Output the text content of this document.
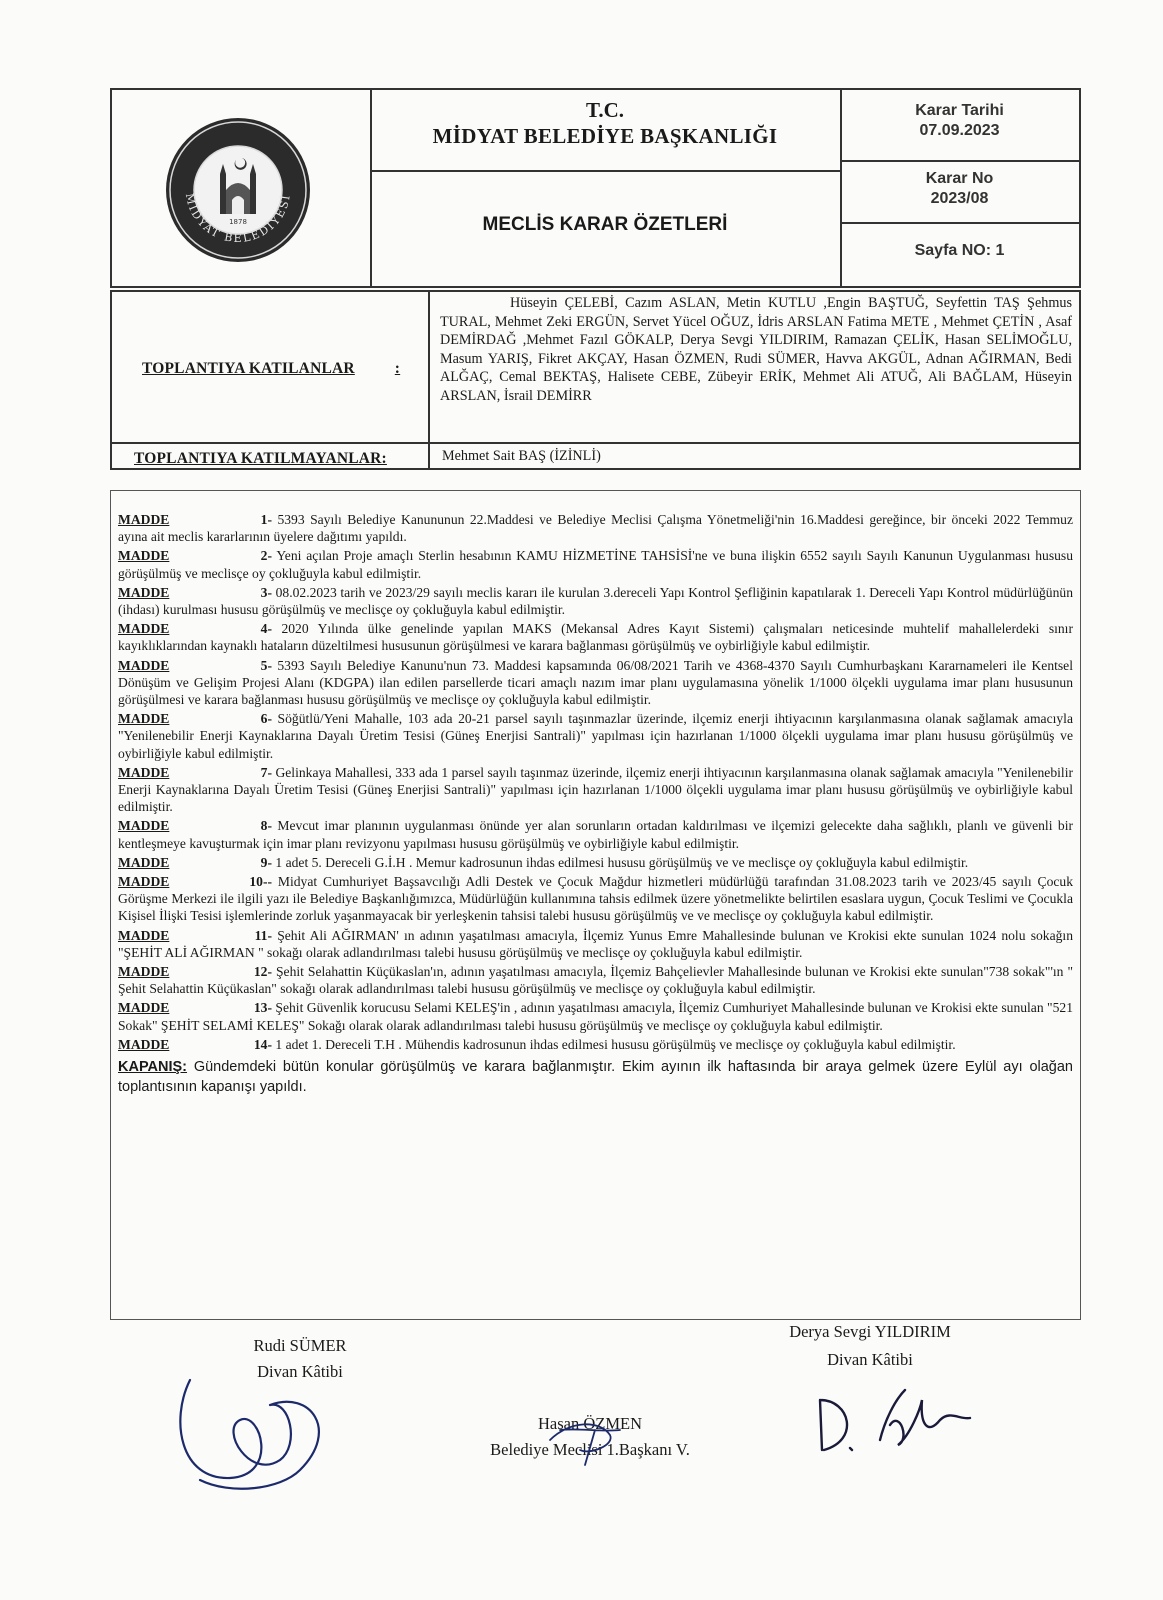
1878
MİDYAT BELEDİYESİ
T.C.
MİDYAT BELEDİYE BAŞKANLIĞI
MECLİS KARAR ÖZETLERİ
Karar Tarihi
07.09.2023
Karar No
2023/08
Sayfa NO: 1
TOPLANTIYA KATILANLAR	:
Hüseyin ÇELEBİ, Cazım ASLAN, Metin KUTLU ,Engin BAŞTUĞ, Seyfettin TAŞ Şehmus TURAL, Mehmet Zeki ERGÜN, Servet Yücel OĞUZ, İdris ARSLAN Fatima METE , Mehmet ÇETİN , Asaf DEMİRDAĞ ,Mehmet Fazıl GÖKALP, Derya Sevgi YILDIRIM, Ramazan ÇELİK, Hasan SELİMOĞLU, Masum YARIŞ, Fikret AKÇAY, Hasan ÖZMEN, Rudi SÜMER, Havva AKGÜL, Adnan AĞIRMAN, Bedi ALĞAÇ, Cemal BEKTAŞ, Halisete CEBE, Zübeyir ERİK, Mehmet Ali ATUĞ, Ali BAĞLAM, Hüseyin ARSLAN, İsrail DEMİRR
TOPLANTIYA KATILMAYANLAR:	Mehmet Sait BAŞ (İZİNLİ)
MADDE	1- 5393 Sayılı Belediye Kanununun 22.Maddesi ve Belediye Meclisi Çalışma Yönetmeliği'nin 16.Maddesi gereğince, bir önceki 2022 Temmuz ayına ait meclis kararlarının üyelere dağıtımı yapıldı.
MADDE	2- Yeni açılan Proje amaçlı Sterlin hesabının KAMU HİZMETİNE TAHSİSİ'ne ve buna ilişkin 6552 sayılı Sayılı Kanunun Uygulanması hususu görüşülmüş ve meclisçe oy çokluğuyla kabul edilmiştir.
MADDE	3- 08.02.2023 tarih ve 2023/29 sayılı meclis kararı ile kurulan 3.dereceli Yapı Kontrol Şefliğinin kapatılarak 1. Dereceli Yapı Kontrol müdürlüğünün (ihdası) kurulması hususu görüşülmüş ve meclisçe oy çokluğuyla kabul edilmiştir.
MADDE	4- 2020 Yılında ülke genelinde yapılan MAKS (Mekansal Adres Kayıt Sistemi) çalışmaları neticesinde muhtelif mahallelerdeki sınır kayıklıklarından kaynaklı hataların düzeltilmesi hususunun görüşülmesi ve karara bağlanması görüşülmüş ve oybirliğiyle kabul edilmiştir.
MADDE	5- 5393 Sayılı Belediye Kanunu'nun 73. Maddesi kapsamında 06/08/2021 Tarih ve 4368-4370 Sayılı Cumhurbaşkanı Kararnameleri ile Kentsel Dönüşüm ve Gelişim Projesi Alanı (KDGPA) ilan edilen parsellerde ticari amaçlı nazım imar planı uygulamasına yönelik 1/1000 ölçekli uygulama imar planı hususunun görüşülmesi ve karara bağlanması hususu görüşülmüş ve meclisçe oy çokluğuyla kabul edilmiştir.
MADDE	6- Söğütlü/Yeni Mahalle, 103 ada 20-21 parsel sayılı taşınmazlar üzerinde, ilçemiz enerji ihtiyacının karşılanmasına olanak sağlamak amacıyla "Yenilenebilir Enerji Kaynaklarına Dayalı Üretim Tesisi (Güneş Enerjisi Santrali)" yapılması için hazırlanan 1/1000 ölçekli uygulama imar planı hususu görüşülmüş ve oybirliğiyle kabul edilmiştir.
MADDE	7- Gelinkaya Mahallesi, 333 ada 1 parsel sayılı taşınmaz üzerinde, ilçemiz enerji ihtiyacının karşılanmasına olanak sağlamak amacıyla "Yenilenebilir Enerji Kaynaklarına Dayalı Üretim Tesisi (Güneş Enerjisi Santrali)" yapılması için hazırlanan 1/1000 ölçekli uygulama imar planı hususu görüşülmüş ve oybirliğiyle kabul edilmiştir.
MADDE	8- Mevcut imar planının uygulanması önünde yer alan sorunların ortadan kaldırılması ve ilçemizi gelecekte daha sağlıklı, planlı ve güvenli bir kentleşmeye kavuşturmak için imar planı revizyonu yapılması hususu görüşülmüş ve oybirliğiyle kabul edilmiştir.
MADDE	9- 1 adet 5. Dereceli G.İ.H . Memur kadrosunun ihdas edilmesi hususu görüşülmüş ve ve meclisçe oy çokluğuyla kabul edilmiştir.
MADDE	10-- Midyat Cumhuriyet Başsavcılığı Adli Destek ve Çocuk Mağdur hizmetleri müdürlüğü tarafından 31.08.2023 tarih ve 2023/45 sayılı Çocuk Görüşme Merkezi ile ilgili yazı ile Belediye Başkanlığımızca, Müdürlüğün kullanımına tahsis edilmek üzere yönetmelikte belirtilen esaslara uygun, Çocuk Teslimi ve Çocukla Kişisel İlişki Tesisi işlemlerinde zorluk yaşanmayacak bir yerleşkenin tahsisi talebi hususu görüşülmüş ve ve meclisçe oy çokluğuyla kabul edilmiştir.
MADDE	11- Şehit Ali AĞIRMAN' ın adının yaşatılması amacıyla, İlçemiz Yunus Emre Mahallesinde bulunan ve Krokisi ekte sunulan 1024 nolu sokağın "ŞEHİT ALİ AĞIRMAN " sokağı olarak adlandırılması talebi hususu görüşülmüş ve meclisçe oy çokluğuyla kabul edilmiştir.
MADDE	12- Şehit Selahattin Küçükaslan'ın, adının yaşatılması amacıyla, İlçemiz Bahçelievler Mahallesinde bulunan ve Krokisi ekte sunulan"738 sokak"'ın " Şehit Selahattin Küçükaslan" sokağı olarak adlandırılması talebi hususu görüşülmüş ve meclisçe oy çokluğuyla kabul edilmiştir.
MADDE	13- Şehit Güvenlik korucusu Selami KELEŞ'in , adının yaşatılması amacıyla, İlçemiz Cumhuriyet Mahallesinde bulunan ve Krokisi ekte sunulan "521 Sokak" ŞEHİT SELAMİ KELEŞ" Sokağı olarak olarak adlandırılması talebi hususu görüşülmüş ve meclisçe oy çokluğuyla kabul edilmiştir.
MADDE	14- 1 adet 1. Dereceli T.H . Mühendis kadrosunun ihdas edilmesi hususu görüşülmüş ve meclisçe oy çokluğuyla kabul edilmiştir.
KAPANIŞ: Gündemdeki bütün konular görüşülmüş ve karara bağlanmıştır. Ekim ayının ilk haftasında bir araya gelmek üzere Eylül ayı olağan toplantısının kapanışı yapıldı.
Rudi SÜMER
Divan Kâtibi
Derya Sevgi YILDIRIM
Divan Kâtibi
Hasan ÖZMEN
Belediye Meclisi 1.Başkanı V.
